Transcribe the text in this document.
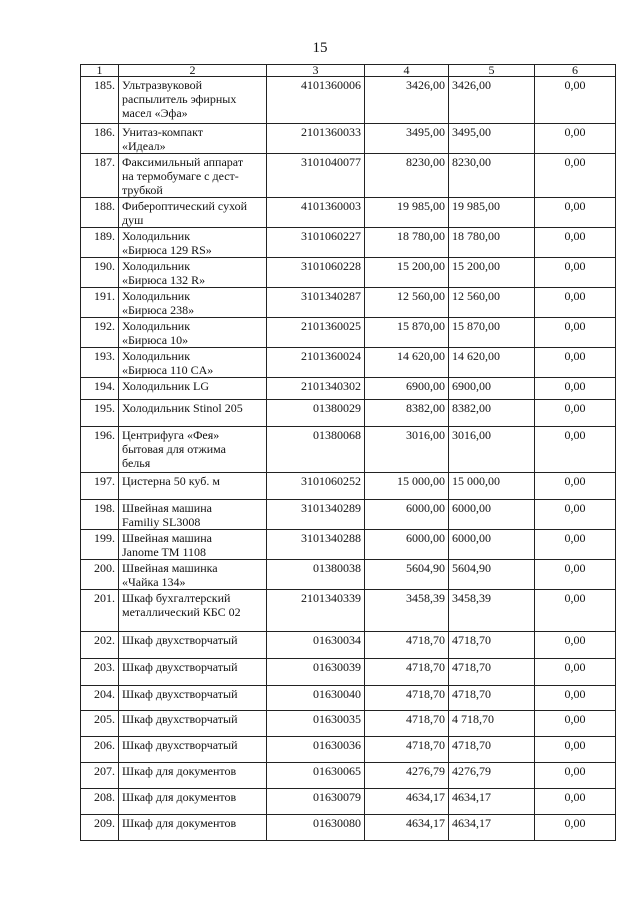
15
1	2	3	4	5	6
185.	Ультразвуковой
распылитель эфирных
масел «Эфа»	4101360006	3426,00	3426,00	0,00
186.	Унитаз-компакт
«Идеал»	2101360033	3495,00	3495,00	0,00
187.	Факсимильный аппарат
на термобумаге с дест-
трубкой	3101040077	8230,00	8230,00	0,00
188.	Фибероптический сухой
душ	4101360003	19 985,00	19 985,00	0,00
189.	Холодильник
«Бирюса 129 RS»	3101060227	18 780,00	18 780,00	0,00
190.	Холодильник
«Бирюса 132 R»	3101060228	15 200,00	15 200,00	0,00
191.	Холодильник
«Бирюса 238»	3101340287	12 560,00	12 560,00	0,00
192.	Холодильник
«Бирюса 10»	2101360025	15 870,00	15 870,00	0,00
193.	Холодильник
«Бирюса 110 CA»	2101360024	14 620,00	14 620,00	0,00
194.	Холодильник LG	2101340302	6900,00	6900,00	0,00
195.	Холодильник Stinol 205	01380029	8382,00	8382,00	0,00
196.	Центрифуга «Фея»
бытовая для отжима
белья	01380068	3016,00	3016,00	0,00
197.	Цистерна 50 куб. м	3101060252	15 000,00	15 000,00	0,00
198.	Швейная машина
Familiy SL3008	3101340289	6000,00	6000,00	0,00
199.	Швейная машина
Janome TM 1108	3101340288	6000,00	6000,00	0,00
200.	Швейная машинка
«Чайка 134»	01380038	5604,90	5604,90	0,00
201.	Шкаф бухгалтерский
металлический КБС 02	2101340339	3458,39	3458,39	0,00
202.	Шкаф двухстворчатый	01630034	4718,70	4718,70	0,00
203.	Шкаф двухстворчатый	01630039	4718,70	4718,70	0,00
204.	Шкаф двухстворчатый	01630040	4718,70	4718,70	0,00
205.	Шкаф двухстворчатый	01630035	4718,70	4 718,70	0,00
206.	Шкаф двухстворчатый	01630036	4718,70	4718,70	0,00
207.	Шкаф для документов	01630065	4276,79	4276,79	0,00
208.	Шкаф для документов	01630079	4634,17	4634,17	0,00
209.	Шкаф для документов	01630080	4634,17	4634,17	0,00
